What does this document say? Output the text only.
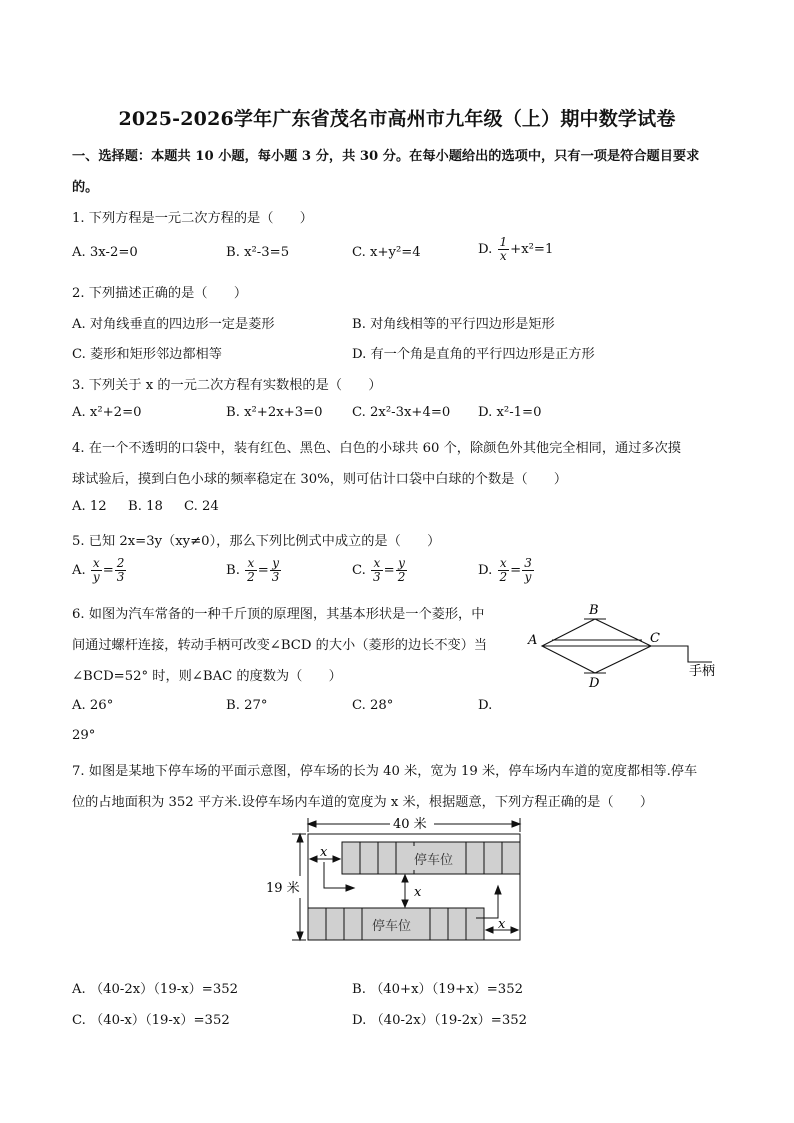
2025-2026学年广东省茂名市高州市九年级（上）期中数学试卷
一、选择题：本题共 10 小题，每小题 3 分，共 30 分。在每小题给出的选项中，只有一项是符合题目要求
的。
1. 下列方程是一元二次方程的是（　　）
A. 3x-2=0	B. x²-3=5	C. x+y²=4	D. $\frac{1}{x} +x^2=1$
2. 下列描述正确的是（　　）
A. 对角线垂直的四边形一定是菱形	B. 对角线相等的平行四边形是矩形
C. 菱形和矩形邻边都相等	D. 有一个角是直角的平行四边形是正方形
3. 下列关于 x 的一元二次方程有实数根的是（　　）
A. x²+2=0	B. x²+2x+3=0 C. 2x²-3x+4=0 D. x²-1=0
4. 在一个不透明的口袋中，装有红色、黑色、白色的小球共 60 个，除颜色外其他完全相同，通过多次摸
球试验后，摸到白色小球的频率稳定在 30%，则可估计口袋中白球的个数是（　　）
A. 12 B. 18 C. 24
5. 已知 2x=3y（xy≠0），那么下列比例式中成立的是（　　）
A. $\frac{x}{y} = \frac{2}{3}$	B. $\frac{x}{2} = \frac{y}{3}$	C. $\frac{x}{3} = \frac{y}{2}$	D. $\frac{x}{2} = \frac{3}{y}$
6. 如图为汽车常备的一种千斤顶的原理图，其基本形状是一个菱形，中
间通过螺杆连接，转动手柄可改变∠BCD 的大小（菱形的边长不变）当
∠BCD=52° 时，则∠BAC 的度数为（　　）
A. 26°	B. 27°	C. 28°	D.
29°
B
A	C
D
手柄
7. 如图是某地下停车场的平面示意图，停车场的长为 40 米，宽为 19 米，停车场内车道的宽度都相等.停车
位的占地面积为 352 平方米.设停车场内车道的宽度为 x 米，根据题意，下列方程正确的是（　　）
40 米
19 米
停车位
停车位
x
x
x
A. （40-2x）（19-x）=352	B. （40+x）（19+x）=352
C. （40-x）（19-x）=352	D. （40-2x）（19-2x）=352
